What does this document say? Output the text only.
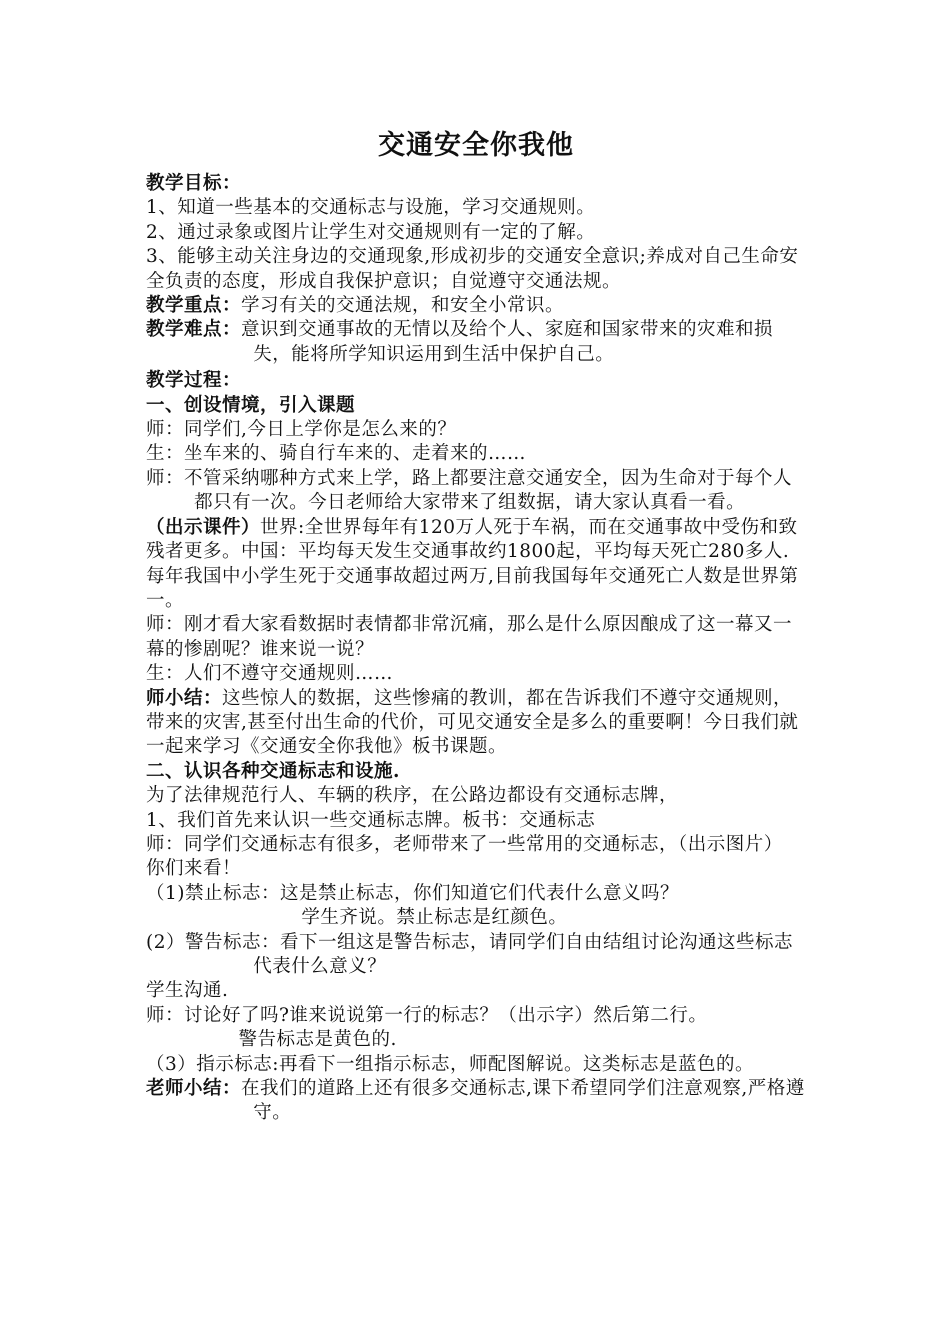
交通安全你我他

教学目标：

1、知道一些基本的交通标志与设施，学习交通规则。

2、通过录象或图片让学生对交通规则有一定的了解。

3、能够主动关注身边的交通现象,形成初步的交通安全意识;养成对自己生命安全负责的态度，形成自我保护意识；自觉遵守交通法规。

教学重点：学习有关的交通法规，和安全小常识。

教学难点：意识到交通事故的无情以及给个人、家庭和国家带来的灾难和损失，能将所学知识运用到生活中保护自己。

教学过程：

一、创设情境，引入课题

师：同学们,今日上学你是怎么来的？

生：坐车来的、骑自行车来的、走着来的……

师：不管采纳哪种方式来上学，路上都要注意交通安全，因为生命对于每个人都只有一次。今日老师给大家带来了组数据，请大家认真看一看。

（出示课件）世界:全世界每年有120万人死于车祸，而在交通事故中受伤和致残者更多。中国：平均每天发生交通事故约1800起，平均每天死亡280多人.每年我国中小学生死于交通事故超过两万,目前我国每年交通死亡人数是世界第一。

师：刚才看大家看数据时表情都非常沉痛，那么是什么原因酿成了这一幕又一幕的惨剧呢？谁来说一说？

生：人们不遵守交通规则……

师小结：这些惊人的数据，这些惨痛的教训，都在告诉我们不遵守交通规则，带来的灾害,甚至付出生命的代价，可见交通安全是多么的重要啊！今日我们就一起来学习《交通安全你我他》板书课题。

二、认识各种交通标志和设施.

为了法律规范行人、车辆的秩序，在公路边都设有交通标志牌，

1、我们首先来认识一些交通标志牌。板书：交通标志

师：同学们交通标志有很多，老师带来了一些常用的交通标志，（出示图片）

你们来看！

（1)禁止标志：这是禁止标志，你们知道它们代表什么意义吗？

学生齐说。禁止标志是红颜色。

(2）警告标志：看下一组这是警告标志，请同学们自由结组讨论沟通这些标志代表什么意义？

学生沟通.

师：讨论好了吗?谁来说说第一行的标志？（出示字）然后第二行。

警告标志是黄色的.

（3）指示标志:再看下一组指示标志，师配图解说。这类标志是蓝色的。

老师小结：在我们的道路上还有很多交通标志,课下希望同学们注意观察,严格遵守。
